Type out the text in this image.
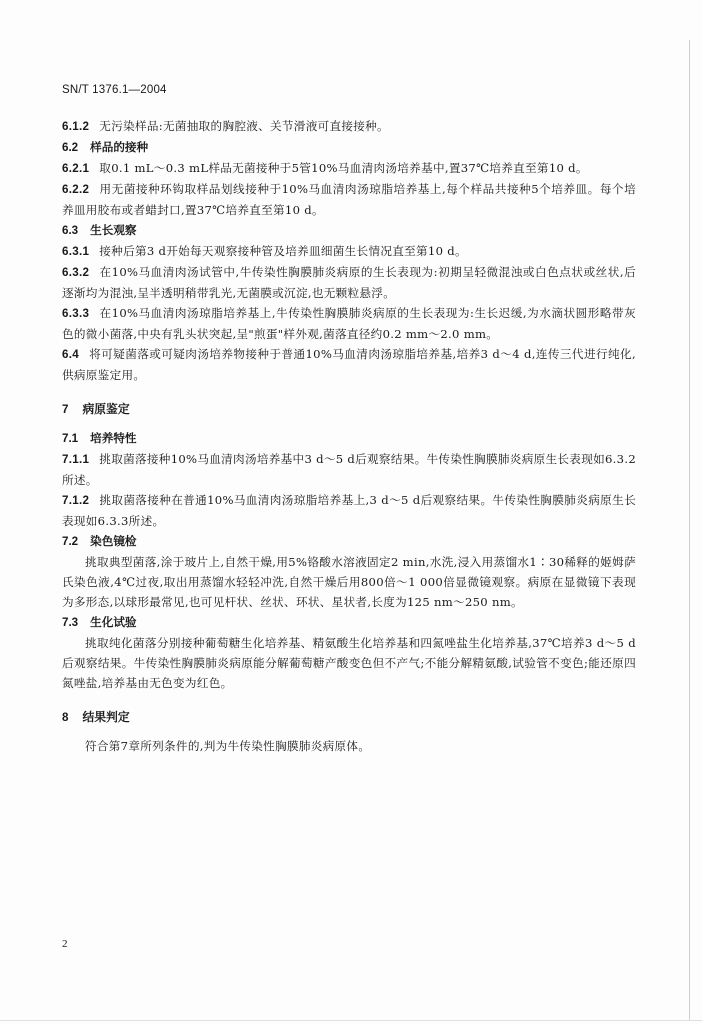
SN/T 1376.1—2004

6.1.2 无污染样品:无菌抽取的胸腔液、关节滑液可直接接种。

6.2 样品的接种

6.2.1 取0.1 mL～0.3 mL样品无菌接种于5管10%马血清肉汤培养基中,置37℃培养直至第10 d。

6.2.2 用无菌接种环钩取样品划线接种于10%马血清肉汤琼脂培养基上,每个样品共接种5个培养皿。每个培养皿用胶布或者蜡封口,置37℃培养直至第10 d。

6.3 生长观察

6.3.1 接种后第3 d开始每天观察接种管及培养皿细菌生长情况直至第10 d。

6.3.2 在10%马血清肉汤试管中,牛传染性胸膜肺炎病原的生长表现为:初期呈轻微混浊或白色点状或丝状,后逐渐均为混浊,呈半透明稍带乳光,无菌膜或沉淀,也无颗粒悬浮。

6.3.3 在10%马血清肉汤琼脂培养基上,牛传染性胸膜肺炎病原的生长表现为:生长迟缓,为水滴状圆形略带灰色的微小菌落,中央有乳头状突起,呈"煎蛋"样外观,菌落直径约0.2 mm～2.0 mm。

6.4 将可疑菌落或可疑肉汤培养物接种于普通10%马血清肉汤琼脂培养基,培养3 d～4 d,连传三代进行纯化,供病原鉴定用。

7 病原鉴定

7.1 培养特性

7.1.1 挑取菌落接种10%马血清肉汤培养基中3 d～5 d后观察结果。牛传染性胸膜肺炎病原生长表现如6.3.2所述。

7.1.2 挑取菌落接种在普通10%马血清肉汤琼脂培养基上,3 d～5 d后观察结果。牛传染性胸膜肺炎病原生长表现如6.3.3所述。

7.2 染色镜检

挑取典型菌落,涂于玻片上,自然干燥,用5%铬酸水溶液固定2 min,水洗,浸入用蒸馏水1∶30稀释的姬姆萨氏染色液,4℃过夜,取出用蒸馏水轻轻冲洗,自然干燥后用800倍～1 000倍显微镜观察。病原在显微镜下表现为多形态,以球形最常见,也可见杆状、丝状、环状、星状者,长度为125 nm～250 nm。

7.3 生化试验

挑取纯化菌落分别接种葡萄糖生化培养基、精氨酸生化培养基和四氮唑盐生化培养基,37℃培养3 d～5 d后观察结果。牛传染性胸膜肺炎病原能分解葡萄糖产酸变色但不产气;不能分解精氨酸,试验管不变色;能还原四氮唑盐,培养基由无色变为红色。

8 结果判定

符合第7章所列条件的,判为牛传染性胸膜肺炎病原体。

2
